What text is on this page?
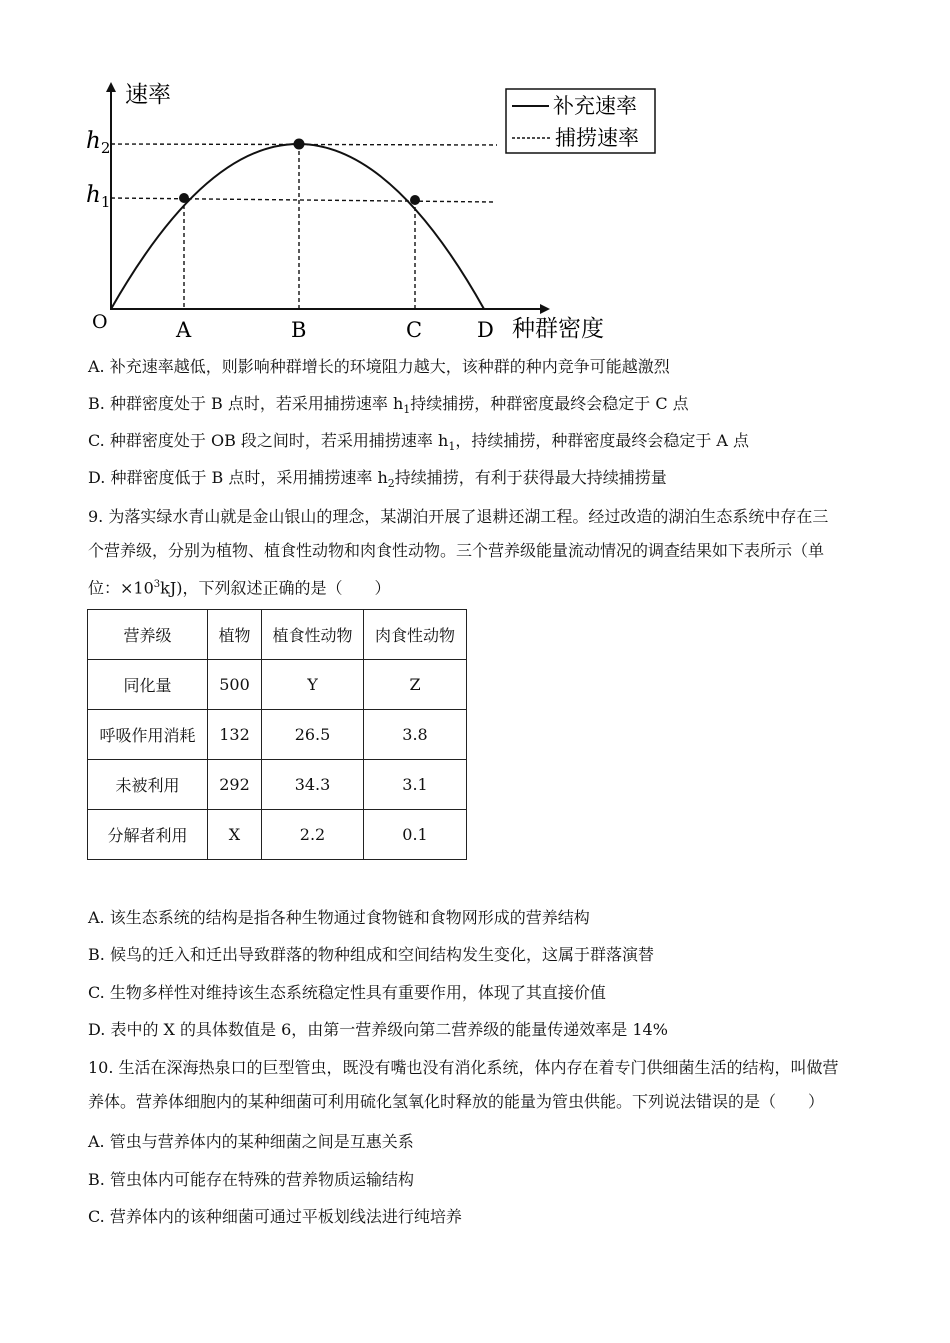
速率
$h_2$
$h_1$
O	A	B	C	D 种群密度
补充速率
捕捞速率
A. 补充速率越低，则影响种群增长的环境阻力越大，该种群的种内竞争可能越激烈
B. 种群密度处于 B 点时，若采用捕捞速率 $h_1$持续捕捞，种群密度最终会稳定于 C 点
C. 种群密度处于 OB 段之间时，若采用捕捞速率 $h_1$，持续捕捞，种群密度最终会稳定于 A 点
D. 种群密度低于 B 点时，采用捕捞速率 $h_2$持续捕捞，有利于获得最大持续捕捞量
9. 为落实绿水青山就是金山银山的理念，某湖泊开展了退耕还湖工程。经过改造的湖泊生态系统中存在三
个营养级，分别为植物、植食性动物和肉食性动物。三个营养级能量流动情况的调查结果如下表所示（单
位：$\times 10^3kJ$)，下列叙述正确的是（　　）
营养级	植物	植食性动物	肉食性动物
同化量	500	Y	Z
呼吸作用消耗	132	26.5	3.8
未被利用	292	34.3	3.1
分解者利用	X	2.2	0.1
A. 该生态系统的结构是指各种生物通过食物链和食物网形成的营养结构
B. 候鸟的迁入和迁出导致群落的物种组成和空间结构发生变化，这属于群落演替
C. 生物多样性对维持该生态系统稳定性具有重要作用，体现了其直接价值
D. 表中的 X 的具体数值是 6，由第一营养级向第二营养级的能量传递效率是 14%
10. 生活在深海热泉口的巨型管虫，既没有嘴也没有消化系统，体内存在着专门供细菌生活的结构，叫做营
养体。营养体细胞内的某种细菌可利用硫化氢氧化时释放的能量为管虫供能。下列说法错误的是（　　）
A. 管虫与营养体内的某种细菌之间是互惠关系
B. 管虫体内可能存在特殊的营养物质运输结构
C. 营养体内的该种细菌可通过平板划线法进行纯培养
